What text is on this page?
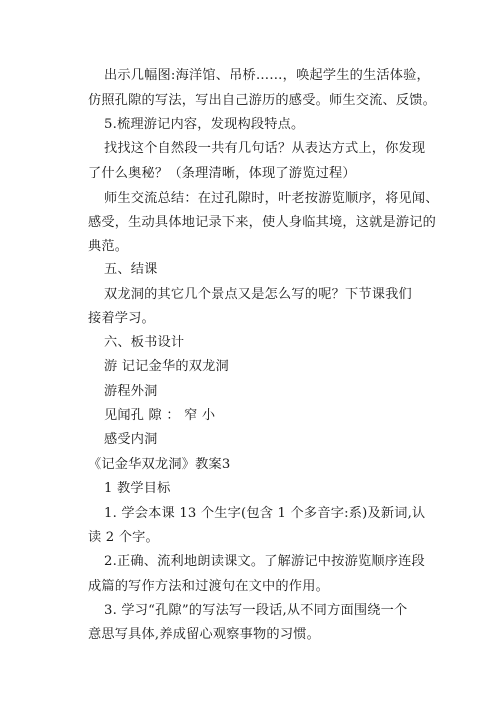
出示几幅图:海洋馆、吊桥……，唤起学生的生活体验，
仿照孔隙的写法，写出自己游历的感受。师生交流、反馈。
5.梳理游记内容，发现构段特点。
找找这个自然段一共有几句话？从表达方式上，你发现
了什么奥秘？（条理清晰，体现了游览过程）
师生交流总结：在过孔隙时，叶老按游览顺序，将见闻、
感受，生动具体地记录下来，使人身临其境，这就是游记的
典范。
五、结课
双龙洞的其它几个景点又是怎么写的呢？下节课我们
接着学习。
六、板书设计
游 记记金华的双龙洞
游程外洞
见闻孔 隙 ： 窄 小
感受内洞
《记金华双龙洞》教案3
1 教学目标
1. 学会本课 13 个生字(包含 1 个多音字:系)及新词,认
读 2 个字。
2.正确、流利地朗读课文。了解游记中按游览顺序连段
成篇的写作方法和过渡句在文中的作用。
3. 学习“孔隙”的写法写一段话,从不同方面围绕一个
意思写具体,养成留心观察事物的习惯。
